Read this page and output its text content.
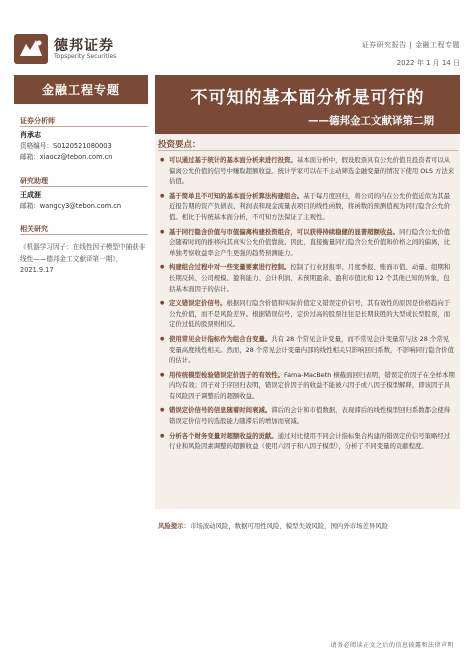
德邦证券
Topsperity Securities
证券研究报告 | 金融工程专题
2022 年 1 月 14 日
金融工程专题	不可知的基本面分析是可行的
——德邦金工文献译第二期
证券分析师
肖承志
资格编号：S0120521080003
邮箱：xiaocz@tebon.com.cn
研究助理
王成涯
邮箱：wangcy3@tebon.com.cn
相关研究
《机器学习因子：在线性因子模型中捕获非线性——德邦金工文献译第一期》，2021.9.17
投资要点：
● 可以通过基于统计的基本面分析来进行投资。基本面分析中，假设股票具有公允价值且投资者可以从偏离公允价值的信号中赚取超额收益。统计学家可以在不主动筛选金融变量的情况下使用 OLS 方法来估值。
● 基于简单且不可知的基本面分析算法构建组合。基于每月度回归，将公司的内在公允价值近似为其最近报告期的资产负债表、利润表和现金流量表项目的线性函数，将函数的预测值视为同行隐含公允价值。相比于传统基本面分析，不可知方法保证了主观性。
● 基于同行隐含价值与市值偏离构建投资组合，可以获得持续稳健的显著超额收益。同行隐含公允价值会随着时间的推移向其真实公允价值靠拢。因此，直接衡量同行隐含公允价值和价格之间的偏离，比单独考察收益率会产生更强的趋势预测能力。
● 构建组合过程中对一些变量要素进行控制。控制了行业回报率、月度季报、账面市值、动量、组期和长期反转、公司规模、盈利能力、会计利润、未预期盈余、盈利市值比和 12 个其他已知的异象，包括基本面因子的估计。
● 定义错误定价信号。根据同行隐含价值和实际价值定义错误定价信号，其有效性的原因是价格趋向于公允价值，而不是风险差异。根据错误信号，定价过高的股票往往是长期获胜的大型成长型股票，而定价过低的股票则相反。
● 使用常见会计指标作为组合自变量。共有 28 个常见会计变量，而不常见会计变量常与这 28 个常见变量高度线性相关。然而，28 个常见会计变量内部的线性相关只影响回归系数，不影响同行隐含价值的估计。
● 用传统模型检验错误定价因子的有效性。Fama-MacBeth 横截面回归表明，错误定价因子在全样本期内均有效；因子对于序回归表明，错误定价因子的收益不能被六因子或八因子模型解释，即该因子具有风险因子调整后的超额收益。
● 错误定价信号的信息随着时间衰减。滞后的会计和市值数据，表现滞后的线性模型回归系数都会使得错误定价信号的选股能力随滞后的增加而衰减。
● 分析各个财务变量对超额收益的贡献。通过对比使用不同会计指标集合构建的错误定价信号策略经过行业和风险因素调整的超额收益（使用六因子和八因子模型），分析了不同变量的贡献程度。
风险提示：市场波动风险，数据可用性风险，模型失效风险，国内外市场差异风险
请务必阅读正文之后的信息披露和法律声明
